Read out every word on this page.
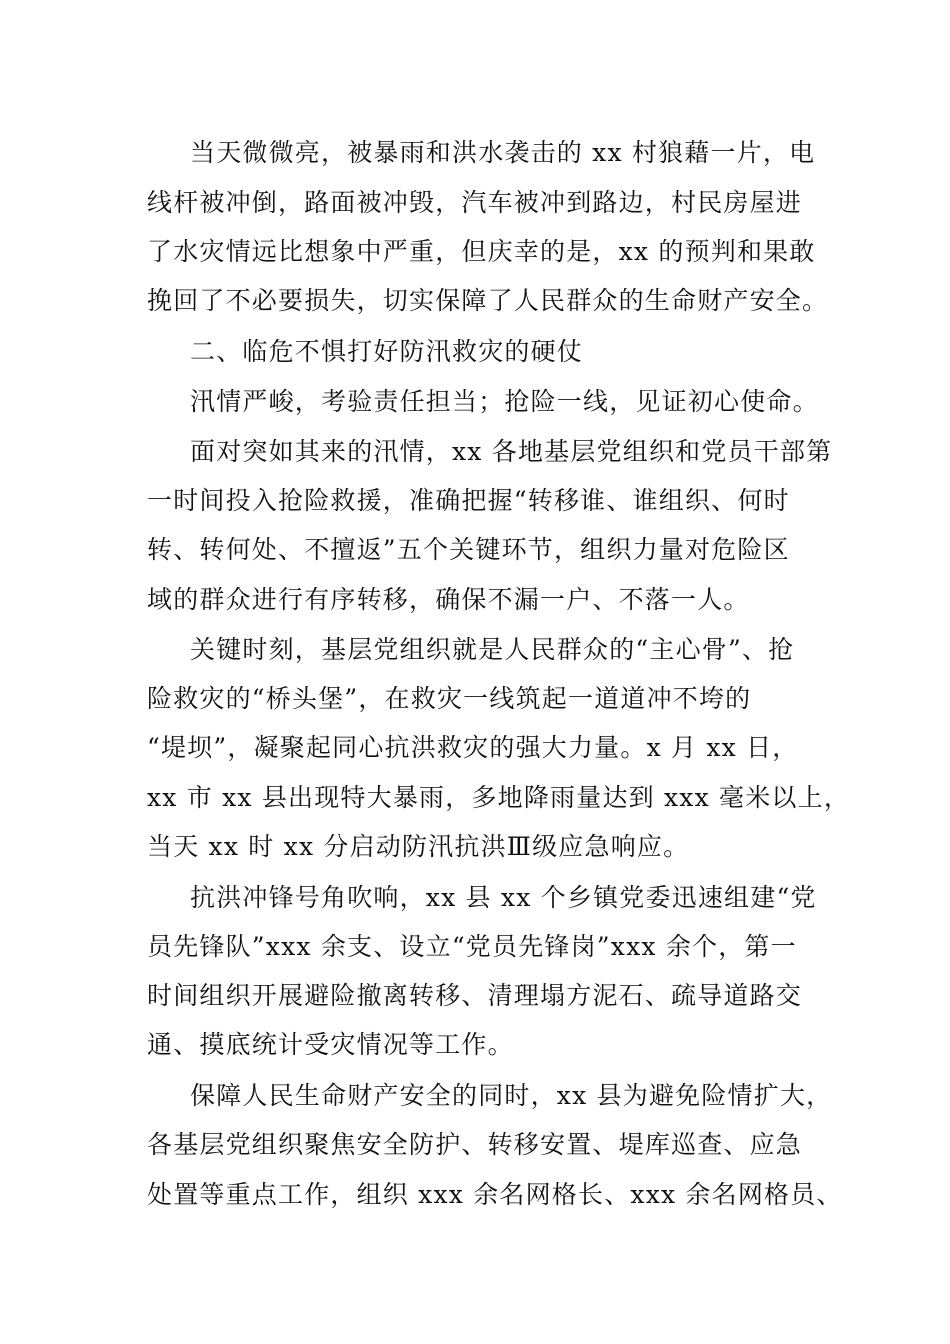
当天微微亮，被暴雨和洪水袭击的 xx 村狼藉一片，电
线杆被冲倒，路面被冲毁，汽车被冲到路边，村民房屋进
了水灾情远比想象中严重，但庆幸的是，xx 的预判和果敢
挽回了不必要损失，切实保障了人民群众的生命财产安全。
二、临危不惧打好防汛救灾的硬仗
汛情严峻，考验责任担当；抢险一线，见证初心使命。
面对突如其来的汛情，xx 各地基层党组织和党员干部第
一时间投入抢险救援，准确把握“转移谁、谁组织、何时
转、转何处、不擅返”五个关键环节，组织力量对危险区
域的群众进行有序转移，确保不漏一户、不落一人。
关键时刻，基层党组织就是人民群众的“主心骨”、抢
险救灾的“桥头堡”，在救灾一线筑起一道道冲不垮的
“堤坝”，凝聚起同心抗洪救灾的强大力量。x 月 xx 日，
xx 市 xx 县出现特大暴雨，多地降雨量达到 xxx 毫米以上，
当天 xx 时 xx 分启动防汛抗洪Ⅲ级应急响应。
抗洪冲锋号角吹响，xx 县 xx 个乡镇党委迅速组建“党
员先锋队”xxx 余支、设立“党员先锋岗”xxx 余个，第一
时间组织开展避险撤离转移、清理塌方泥石、疏导道路交
通、摸底统计受灾情况等工作。
保障人民生命财产安全的同时，xx 县为避免险情扩大，
各基层党组织聚焦安全防护、转移安置、堤库巡查、应急
处置等重点工作，组织 xxx 余名网格长、xxx 余名网格员、
